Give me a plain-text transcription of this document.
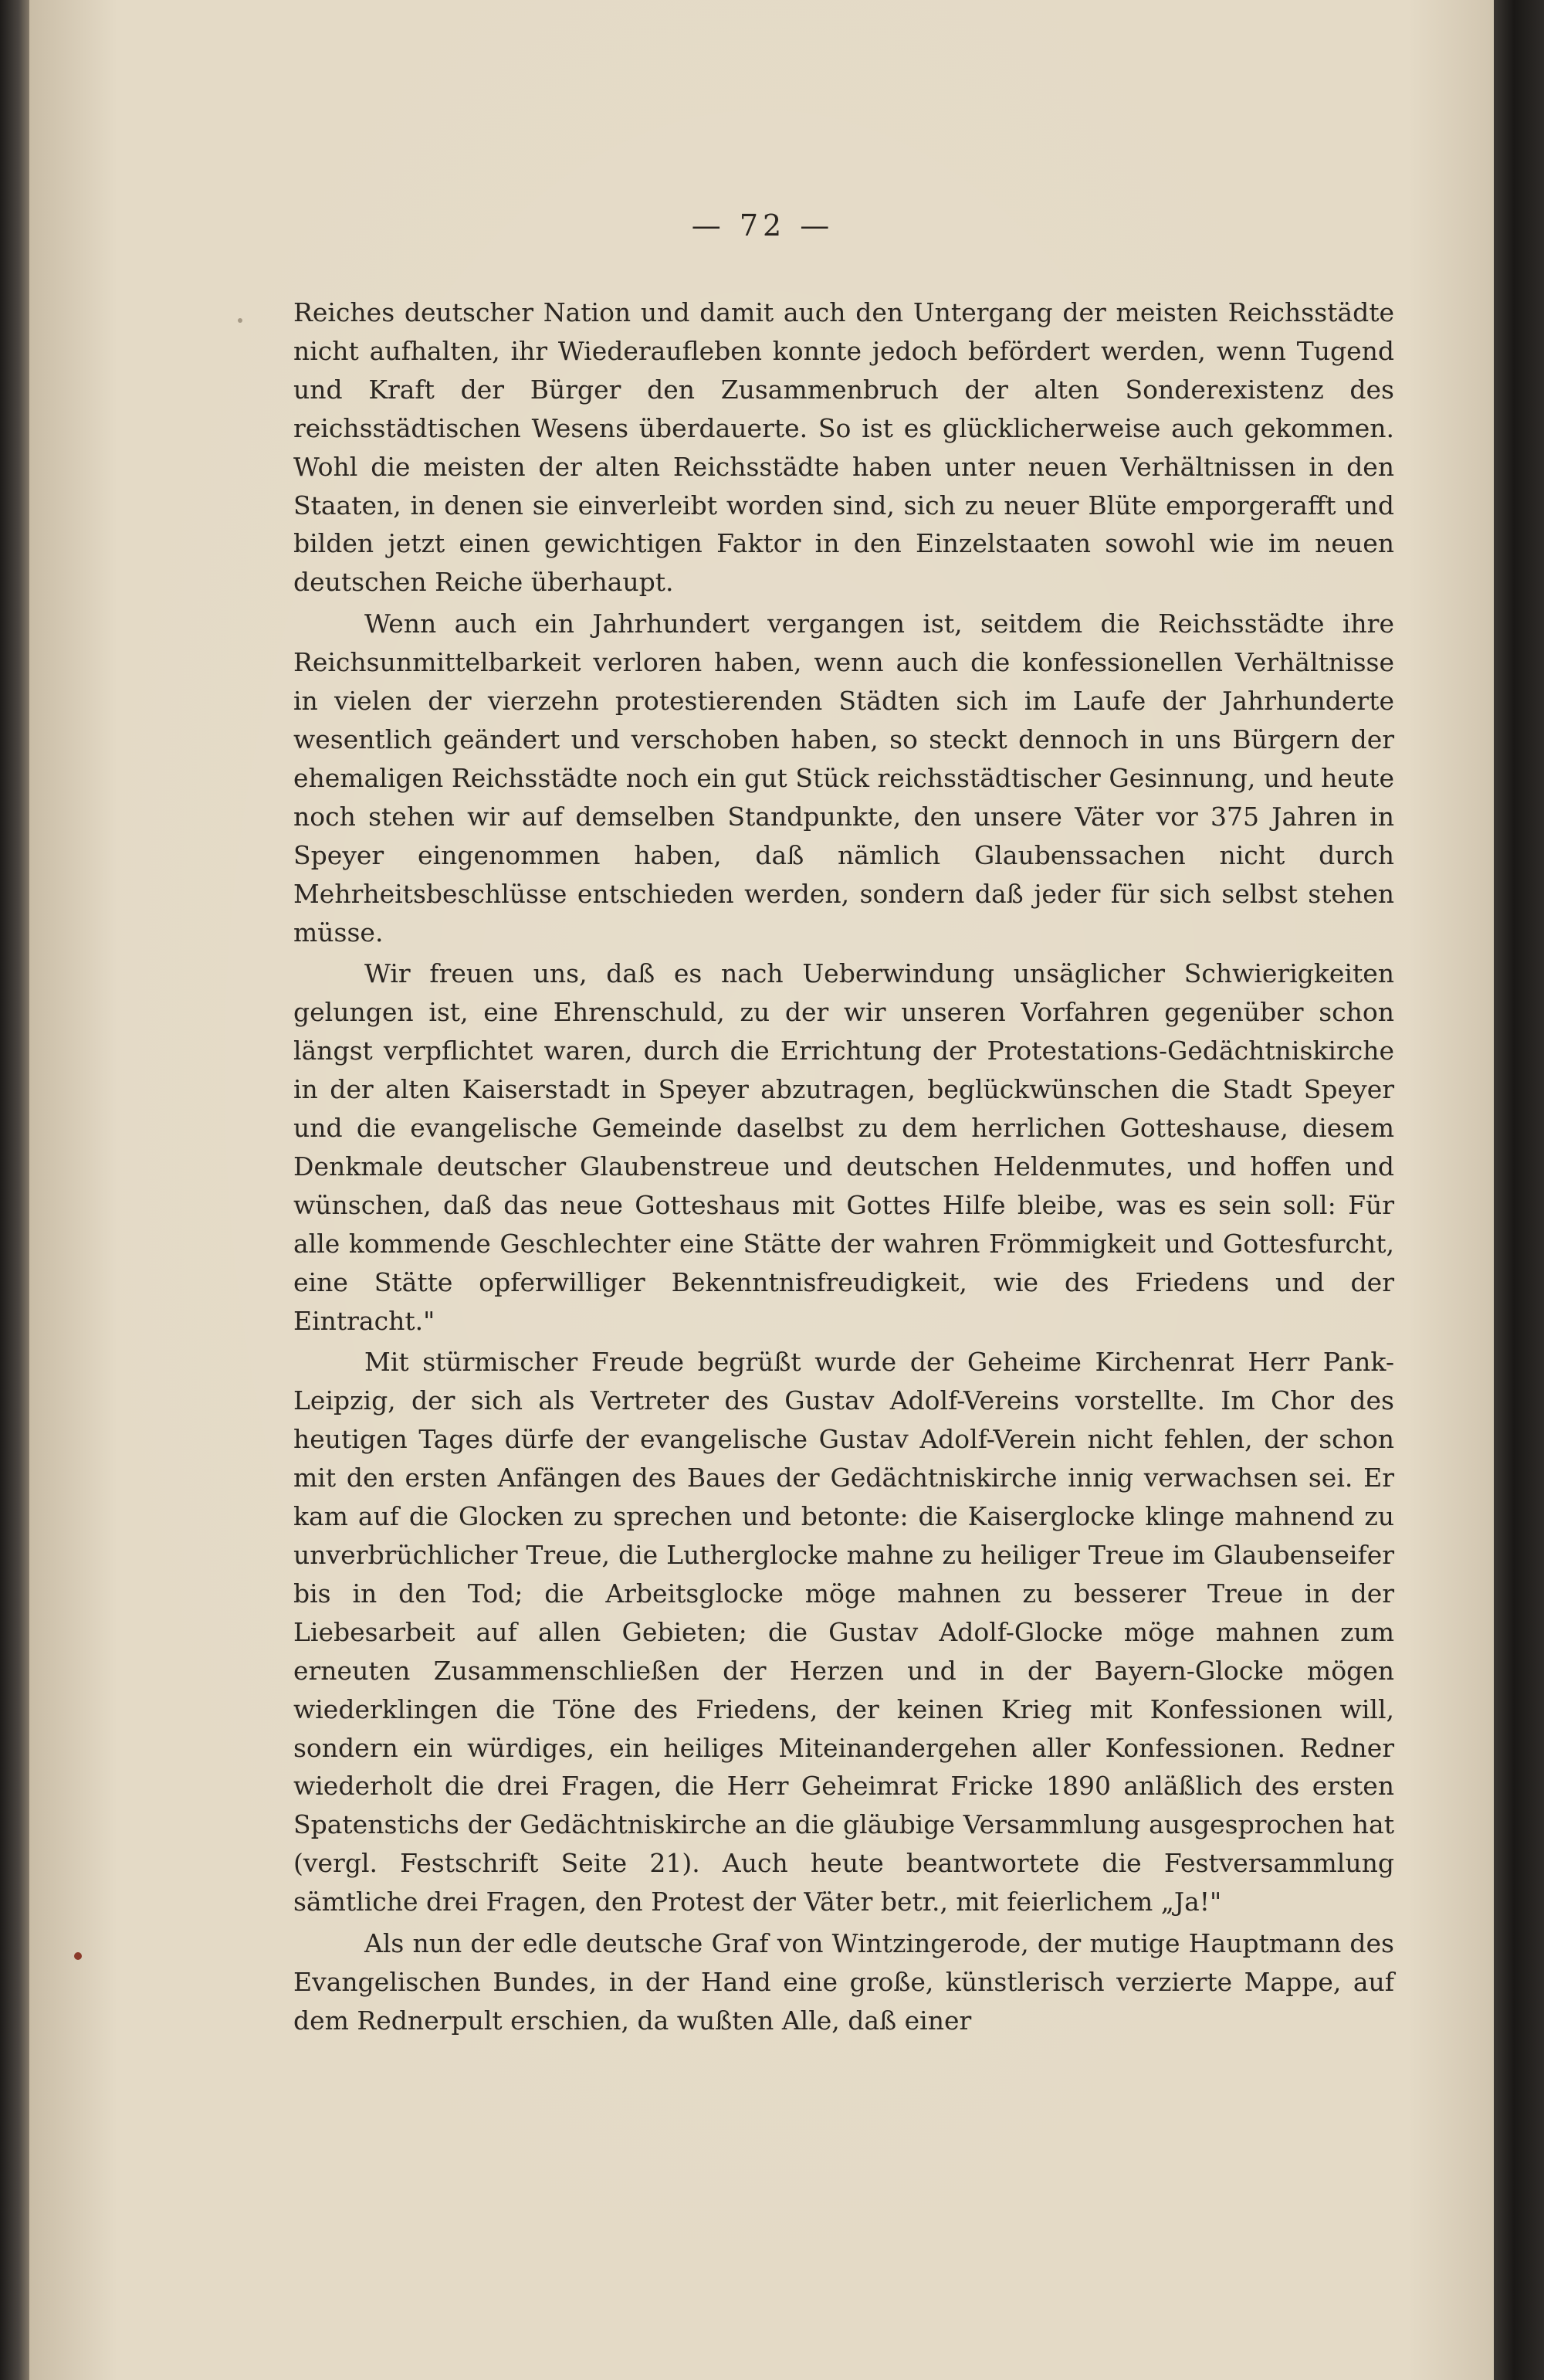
— 72 —

Reiches deutscher Nation und damit auch den Untergang der meisten Reichsstädte nicht aufhalten, ihr Wiederaufleben konnte jedoch befördert werden, wenn Tugend und Kraft der Bürger den Zusammenbruch der alten Sonderexistenz des reichsstädtischen Wesens überdauerte. So ist es glücklicherweise auch gekommen. Wohl die meisten der alten Reichsstädte haben unter neuen Verhältnissen in den Staaten, in denen sie einverleibt worden sind, sich zu neuer Blüte emporgerafft und bilden jetzt einen gewichtigen Faktor in den Einzelstaaten sowohl wie im neuen deutschen Reiche überhaupt.

Wenn auch ein Jahrhundert vergangen ist, seitdem die Reichsstädte ihre Reichsunmittelbarkeit verloren haben, wenn auch die konfessionellen Verhältnisse in vielen der vierzehn protestierenden Städten sich im Laufe der Jahrhunderte wesentlich geändert und verschoben haben, so steckt dennoch in uns Bürgern der ehemaligen Reichsstädte noch ein gut Stück reichsstädtischer Gesinnung, und heute noch stehen wir auf demselben Standpunkte, den unsere Väter vor 375 Jahren in Speyer eingenommen haben, daß nämlich Glaubenssachen nicht durch Mehrheitsbeschlüsse entschieden werden, sondern daß jeder für sich selbst stehen müsse.

Wir freuen uns, daß es nach Ueberwindung unsäglicher Schwierigkeiten gelungen ist, eine Ehrenschuld, zu der wir unseren Vorfahren gegenüber schon längst verpflichtet waren, durch die Errichtung der Protestations-Gedächtniskirche in der alten Kaiserstadt in Speyer abzutragen, beglückwünschen die Stadt Speyer und die evangelische Gemeinde daselbst zu dem herrlichen Gotteshause, diesem Denkmale deutscher Glaubenstreue und deutschen Heldenmutes, und hoffen und wünschen, daß das neue Gotteshaus mit Gottes Hilfe bleibe, was es sein soll: Für alle kommende Geschlechter eine Stätte der wahren Frömmigkeit und Gottesfurcht, eine Stätte opferwilliger Bekenntnisfreudigkeit, wie des Friedens und der Eintracht."

Mit stürmischer Freude begrüßt wurde der Geheime Kirchenrat Herr Pank-Leipzig, der sich als Vertreter des Gustav Adolf-Vereins vorstellte. Im Chor des heutigen Tages dürfe der evangelische Gustav Adolf-Verein nicht fehlen, der schon mit den ersten Anfängen des Baues der Gedächtniskirche innig verwachsen sei. Er kam auf die Glocken zu sprechen und betonte: die Kaiserglocke klinge mahnend zu unverbrüchlicher Treue, die Lutherglocke mahne zu heiliger Treue im Glaubenseifer bis in den Tod; die Arbeitsglocke möge mahnen zu besserer Treue in der Liebesarbeit auf allen Gebieten; die Gustav Adolf-Glocke möge mahnen zum erneuten Zusammenschließen der Herzen und in der Bayern-Glocke mögen wiederklingen die Töne des Friedens, der keinen Krieg mit Konfessionen will, sondern ein würdiges, ein heiliges Miteinandergehen aller Konfessionen. Redner wiederholt die drei Fragen, die Herr Geheimrat Fricke 1890 anläßlich des ersten Spatenstichs der Gedächtniskirche an die gläubige Versammlung ausgesprochen hat (vergl. Festschrift Seite 21). Auch heute beantwortete die Festversammlung sämtliche drei Fragen, den Protest der Väter betr., mit feierlichem „Ja!"

Als nun der edle deutsche Graf von Wintzingerode, der mutige Hauptmann des Evangelischen Bundes, in der Hand eine große, künstlerisch verzierte Mappe, auf dem Rednerpult erschien, da wußten Alle, daß einer
